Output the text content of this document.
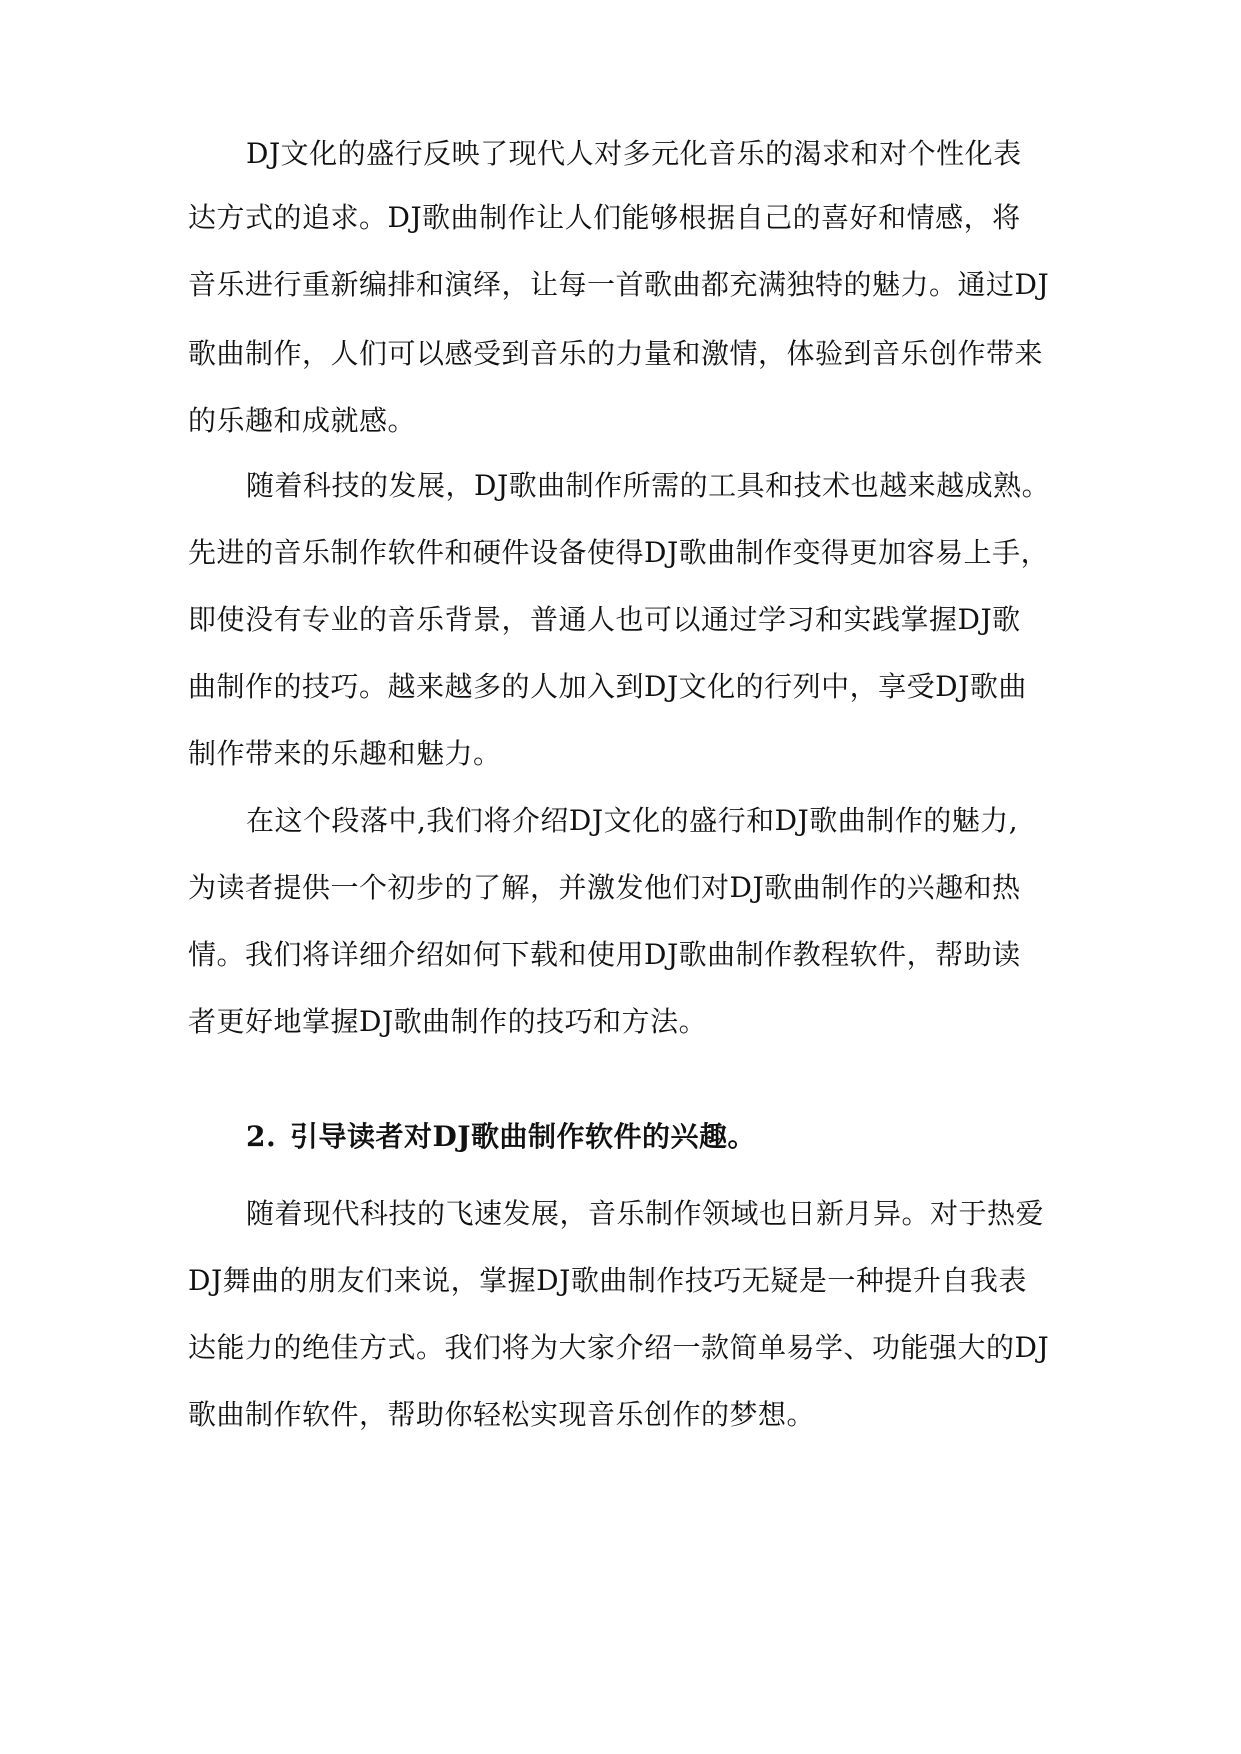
DJ文化的盛行反映了现代人对多元化音乐的渴求和对个性化表
达方式的追求。DJ歌曲制作让人们能够根据自己的喜好和情感，将
音乐进行重新编排和演绎，让每一首歌曲都充满独特的魅力。通过DJ
歌曲制作，人们可以感受到音乐的力量和激情，体验到音乐创作带来
的乐趣和成就感。
随着科技的发展，DJ歌曲制作所需的工具和技术也越来越成熟。
先进的音乐制作软件和硬件设备使得DJ歌曲制作变得更加容易上手，
即使没有专业的音乐背景，普通人也可以通过学习和实践掌握DJ歌
曲制作的技巧。越来越多的人加入到DJ文化的行列中，享受DJ歌曲
制作带来的乐趣和魅力。
在这个段落中,我们将介绍DJ文化的盛行和DJ歌曲制作的魅力,
为读者提供一个初步的了解，并激发他们对DJ歌曲制作的兴趣和热
情。我们将详细介绍如何下载和使用DJ歌曲制作教程软件，帮助读
者更好地掌握DJ歌曲制作的技巧和方法。
2. 引导读者对DJ歌曲制作软件的兴趣。
随着现代科技的飞速发展，音乐制作领域也日新月异。对于热爱
DJ舞曲的朋友们来说，掌握DJ歌曲制作技巧无疑是一种提升自我表
达能力的绝佳方式。我们将为大家介绍一款简单易学、功能强大的DJ
歌曲制作软件，帮助你轻松实现音乐创作的梦想。
